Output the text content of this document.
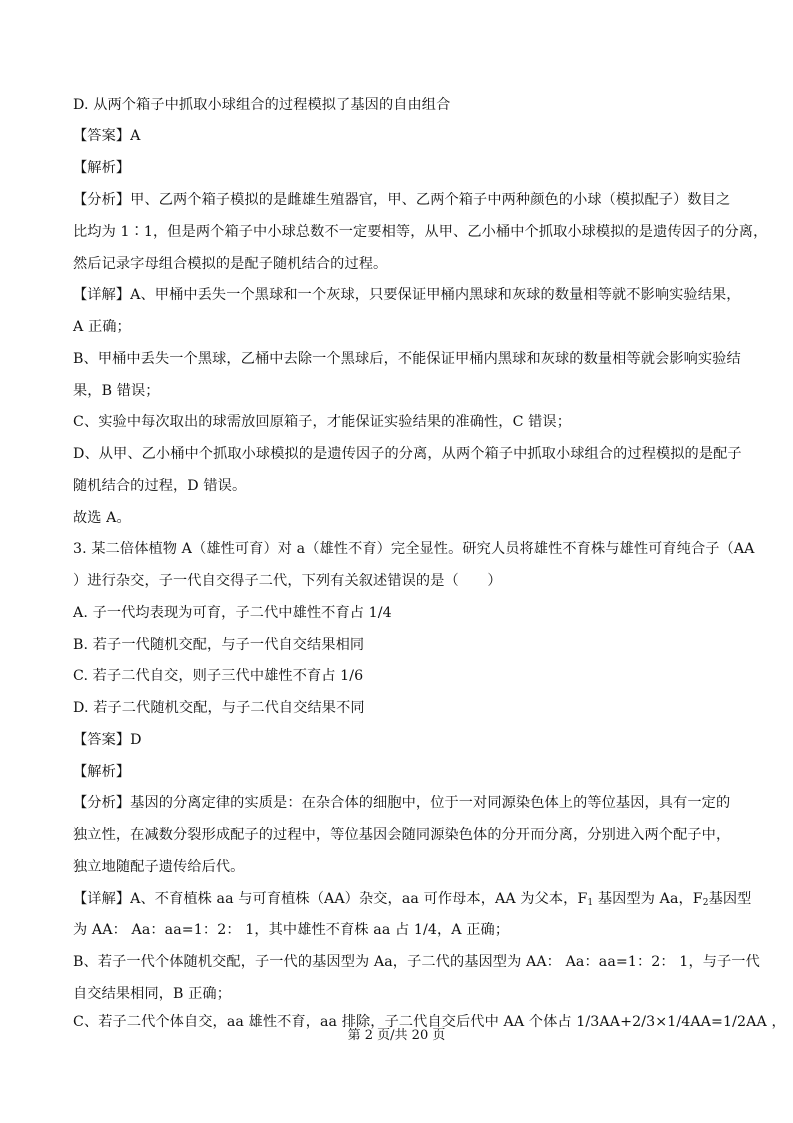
D. 从两个箱子中抓取小球组合的过程模拟了基因的自由组合
【答案】A
【解析】
【分析】甲、乙两个箱子模拟的是雌雄生殖器官，甲、乙两个箱子中两种颜色的小球（模拟配子）数目之
比均为 1∶1，但是两个箱子中小球总数不一定要相等，从甲、乙小桶中个抓取小球模拟的是遗传因子的分离，
然后记录字母组合模拟的是配子随机结合的过程。
【详解】A、甲桶中丢失一个黑球和一个灰球，只要保证甲桶内黑球和灰球的数量相等就不影响实验结果，
A 正确；
B、甲桶中丢失一个黑球，乙桶中去除一个黑球后，不能保证甲桶内黑球和灰球的数量相等就会影响实验结
果，B 错误；
C、实验中每次取出的球需放回原箱子，才能保证实验结果的准确性，C 错误；
D、从甲、乙小桶中个抓取小球模拟的是遗传因子的分离，从两个箱子中抓取小球组合的过程模拟的是配子
随机结合的过程，D 错误。
故选 A。
3. 某二倍体植物 A（雄性可育）对 a（雄性不育）完全显性。研究人员将雄性不育株与雄性可育纯合子（AA
）进行杂交，子一代自交得子二代，下列有关叙述错误的是（　　）
A. 子一代均表现为可育，子二代中雄性不育占 1/4
B. 若子一代随机交配，与子一代自交结果相同
C. 若子二代自交，则子三代中雄性不育占 1/6
D. 若子二代随机交配，与子二代自交结果不同
【答案】D
【解析】
【分析】基因的分离定律的实质是：在杂合体的细胞中，位于一对同源染色体上的等位基因，具有一定的
独立性，在减数分裂形成配子的过程中，等位基因会随同源染色体的分开而分离，分别进入两个配子中，
独立地随配子遗传给后代。
【详解】A、不育植株 aa 与可育植株（AA）杂交，aa 可作母本，AA 为父本，$F_1$ 基因型为 Aa，$F_2$基因型
为 AA： Aa：aa=1：2： 1，其中雄性不育株 aa 占 1/4，A 正确；
B、若子一代个体随机交配，子一代的基因型为 Aa，子二代的基因型为 AA： Aa：aa=1：2： 1，与子一代
自交结果相同，B 正确；
C、若子二代个体自交，aa 雄性不育，aa 排除，子二代自交后代中 AA 个体占 1/3AA+2/3×1/4AA=1/2AA ，
第 2 页/共 20 页
